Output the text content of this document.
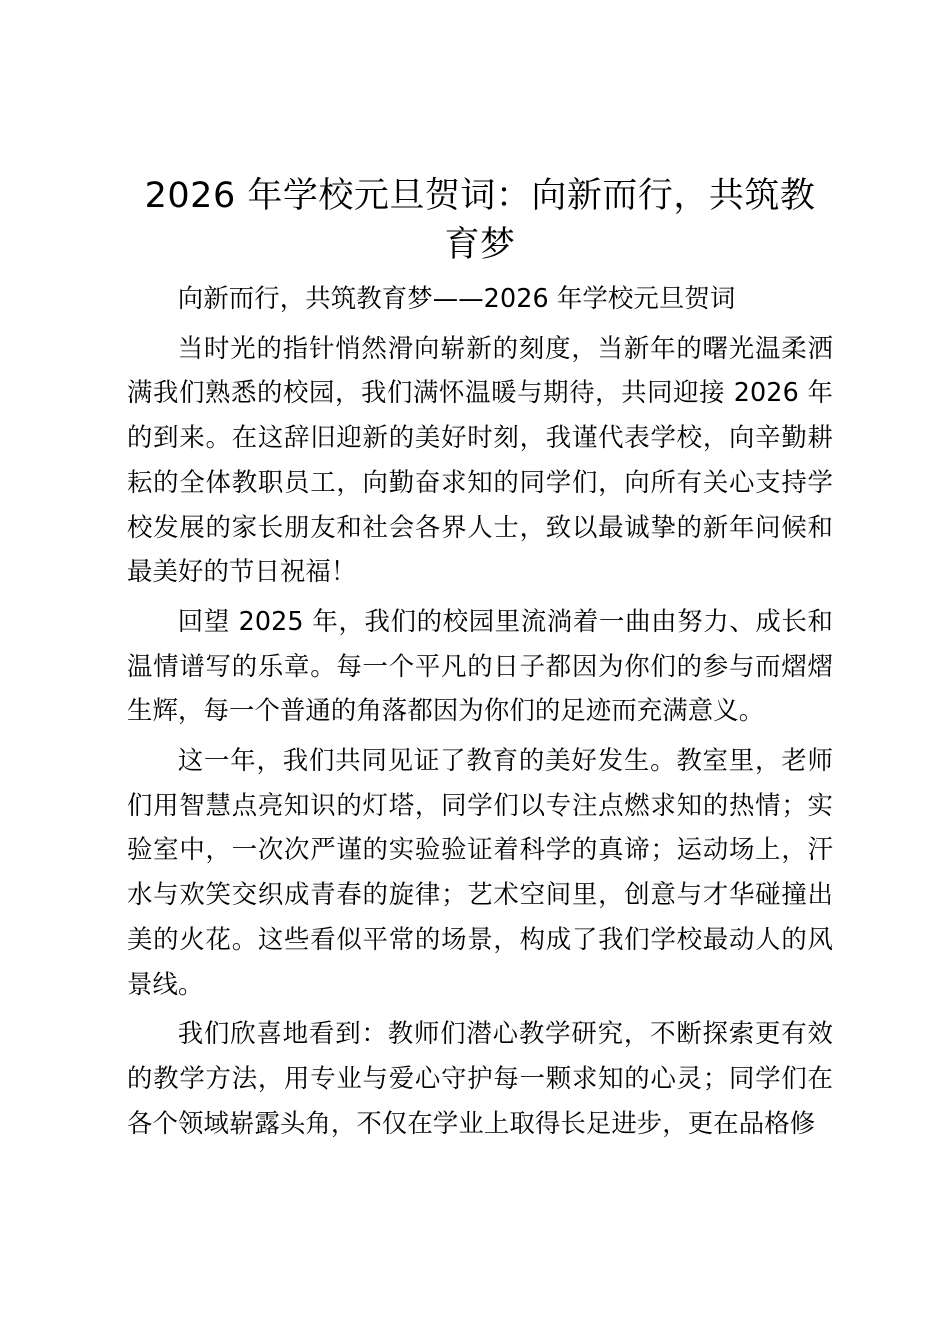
2026 年学校元旦贺词：向新而行，共筑教育梦

向新而行，共筑教育梦——2026 年学校元旦贺词

当时光的指针悄然滑向崭新的刻度，当新年的曙光温柔洒满我们熟悉的校园，我们满怀温暖与期待，共同迎接 2026 年的到来。在这辞旧迎新的美好时刻，我谨代表学校，向辛勤耕耘的全体教职员工，向勤奋求知的同学们，向所有关心支持学校发展的家长朋友和社会各界人士，致以最诚挚的新年问候和最美好的节日祝福！

回望 2025 年，我们的校园里流淌着一曲由努力、成长和温情谱写的乐章。每一个平凡的日子都因为你们的参与而熠熠生辉，每一个普通的角落都因为你们的足迹而充满意义。

这一年，我们共同见证了教育的美好发生。教室里，老师们用智慧点亮知识的灯塔，同学们以专注点燃求知的热情；实验室中，一次次严谨的实验验证着科学的真谛；运动场上，汗水与欢笑交织成青春的旋律；艺术空间里，创意与才华碰撞出美的火花。这些看似平常的场景，构成了我们学校最动人的风景线。

我们欣喜地看到：教师们潜心教学研究，不断探索更有效的教学方法，用专业与爱心守护每一颗求知的心灵；同学们在各个领域崭露头角，不仅在学业上取得长足进步，更在品格修
